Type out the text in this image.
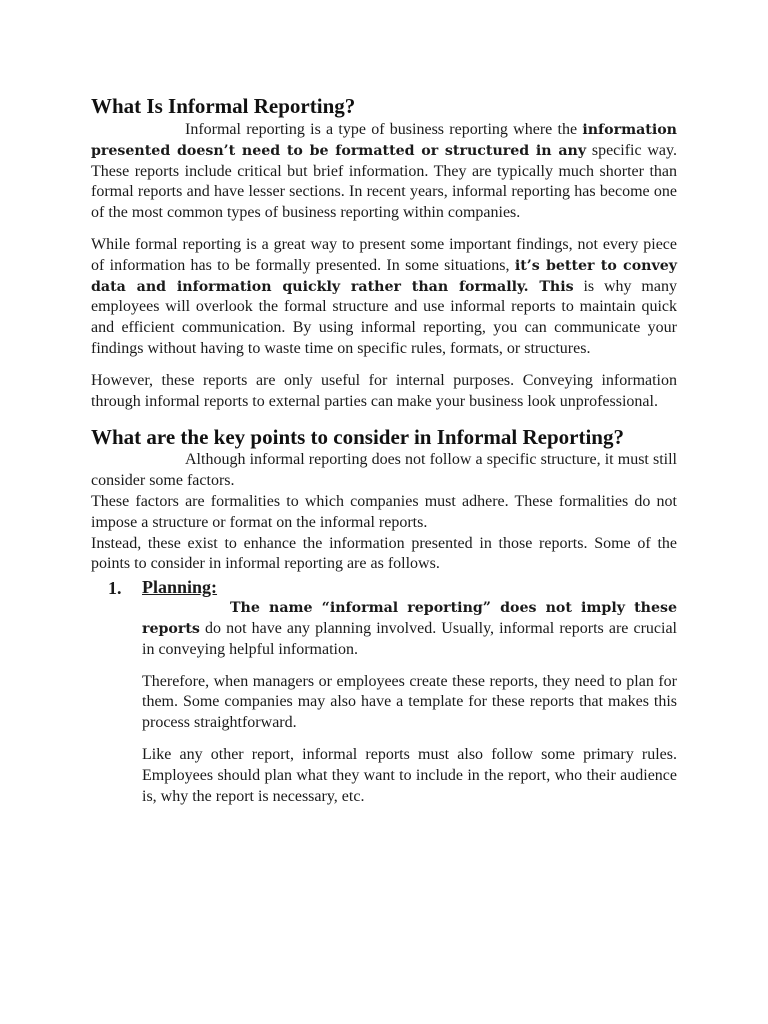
What Is Informal Reporting?

Informal reporting is a type of business reporting where the information presented doesn’t need to be formatted or structured in any specific way. These reports include critical but brief information. They are typically much shorter than formal reports and have lesser sections. In recent years, informal reporting has become one of the most common types of business reporting within companies.

While formal reporting is a great way to present some important findings, not every piece of information has to be formally presented. In some situations, it’s better to convey data and information quickly rather than formally. This is why many employees will overlook the formal structure and use informal reports to maintain quick and efficient communication. By using informal reporting, you can communicate your findings without having to waste time on specific rules, formats, or structures.

However, these reports are only useful for internal purposes. Conveying information through informal reports to external parties can make your business look unprofessional.

What are the key points to consider in Informal Reporting?

Although informal reporting does not follow a specific structure, it must still consider some factors.

These factors are formalities to which companies must adhere. These formalities do not impose a structure or format on the informal reports.

Instead, these exist to enhance the information presented in those reports. Some of the points to consider in informal reporting are as follows.

1. Planning:

The name “informal reporting” does not imply these reports do not have any planning involved. Usually, informal reports are crucial in conveying helpful information.

Therefore, when managers or employees create these reports, they need to plan for them. Some companies may also have a template for these reports that makes this process straightforward.

Like any other report, informal reports must also follow some primary rules. Employees should plan what they want to include in the report, who their audience is, why the report is necessary, etc.
